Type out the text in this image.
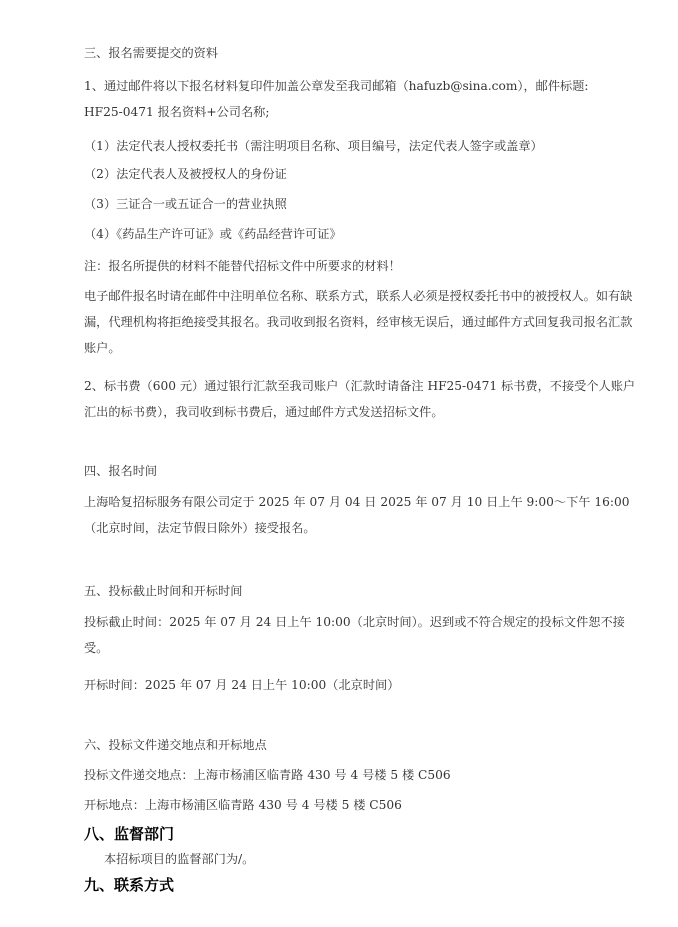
三、报名需要提交的资料
1、通过邮件将以下报名材料复印件加盖公章发至我司邮箱（hafuzb@sina.com），邮件标题:
HF25-0471 报名资料+公司名称;
（1）法定代表人授权委托书（需注明项目名称、项目编号，法定代表人签字或盖章）
（2）法定代表人及被授权人的身份证
（3）三证合一或五证合一的营业执照
（4）《药品生产许可证》或《药品经营许可证》
注：报名所提供的材料不能替代招标文件中所要求的材料！
电子邮件报名时请在邮件中注明单位名称、联系方式，联系人必须是授权委托书中的被授权人。如有缺漏，代理机构将拒绝接受其报名。我司收到报名资料，经审核无误后，通过邮件方式回复我司报名汇款账户。
2、标书费（600 元）通过银行汇款至我司账户（汇款时请备注 HF25-0471 标书费，不接受个人账户汇出的标书费），我司收到标书费后，通过邮件方式发送招标文件。
四、报名时间
上海哈复招标服务有限公司定于 2025 年 07 月 04 日 2025 年 07 月 10 日上午 9:00～下午 16:00（北京时间，法定节假日除外）接受报名。
五、投标截止时间和开标时间
投标截止时间：2025 年 07 月 24 日上午 10:00（北京时间）。迟到或不符合规定的投标文件恕不接受。
开标时间：2025 年 07 月 24 日上午 10:00（北京时间）
六、投标文件递交地点和开标地点
投标文件递交地点：上海市杨浦区临青路 430 号 4 号楼 5 楼 C506
开标地点：上海市杨浦区临青路 430 号 4 号楼 5 楼 C506
八、监督部门
本招标项目的监督部门为/。
九、联系方式
